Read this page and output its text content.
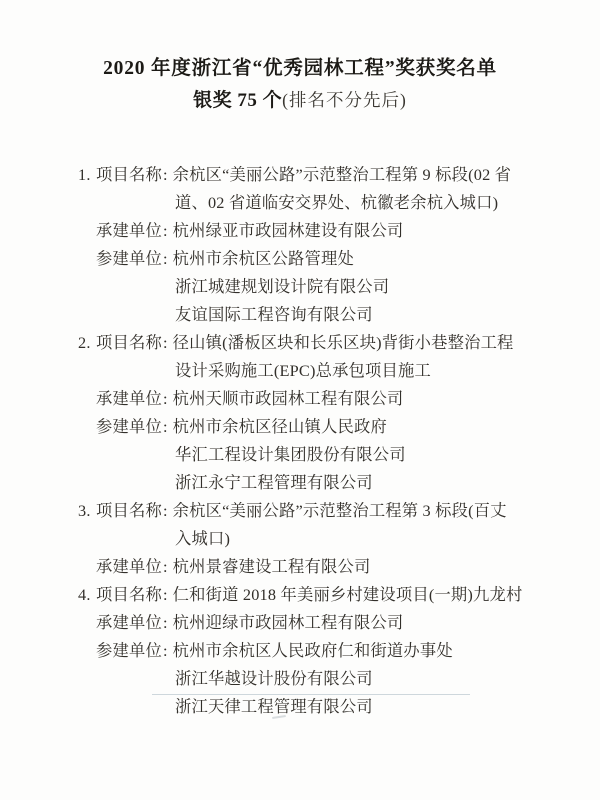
2020 年度浙江省“优秀园林工程”奖获奖名单
银奖 75 个(排名不分先后)
1. 项目名称: 余杭区“美丽公路”示范整治工程第 9 标段(02 省
道、02 省道临安交界处、杭徽老余杭入城口)
承建单位: 杭州绿亚市政园林建设有限公司
参建单位: 杭州市余杭区公路管理处
浙江城建规划设计院有限公司
友谊国际工程咨询有限公司
2. 项目名称: 径山镇(潘板区块和长乐区块)背街小巷整治工程
设计采购施工(EPC)总承包项目施工
承建单位: 杭州天顺市政园林工程有限公司
参建单位: 杭州市余杭区径山镇人民政府
华汇工程设计集团股份有限公司
浙江永宁工程管理有限公司
3. 项目名称: 余杭区“美丽公路”示范整治工程第 3 标段(百丈
入城口)
承建单位: 杭州景睿建设工程有限公司
4. 项目名称: 仁和街道 2018 年美丽乡村建设项目(一期)九龙村
承建单位: 杭州迎绿市政园林工程有限公司
参建单位: 杭州市余杭区人民政府仁和街道办事处
浙江华越设计股份有限公司
浙江天律工程管理有限公司
